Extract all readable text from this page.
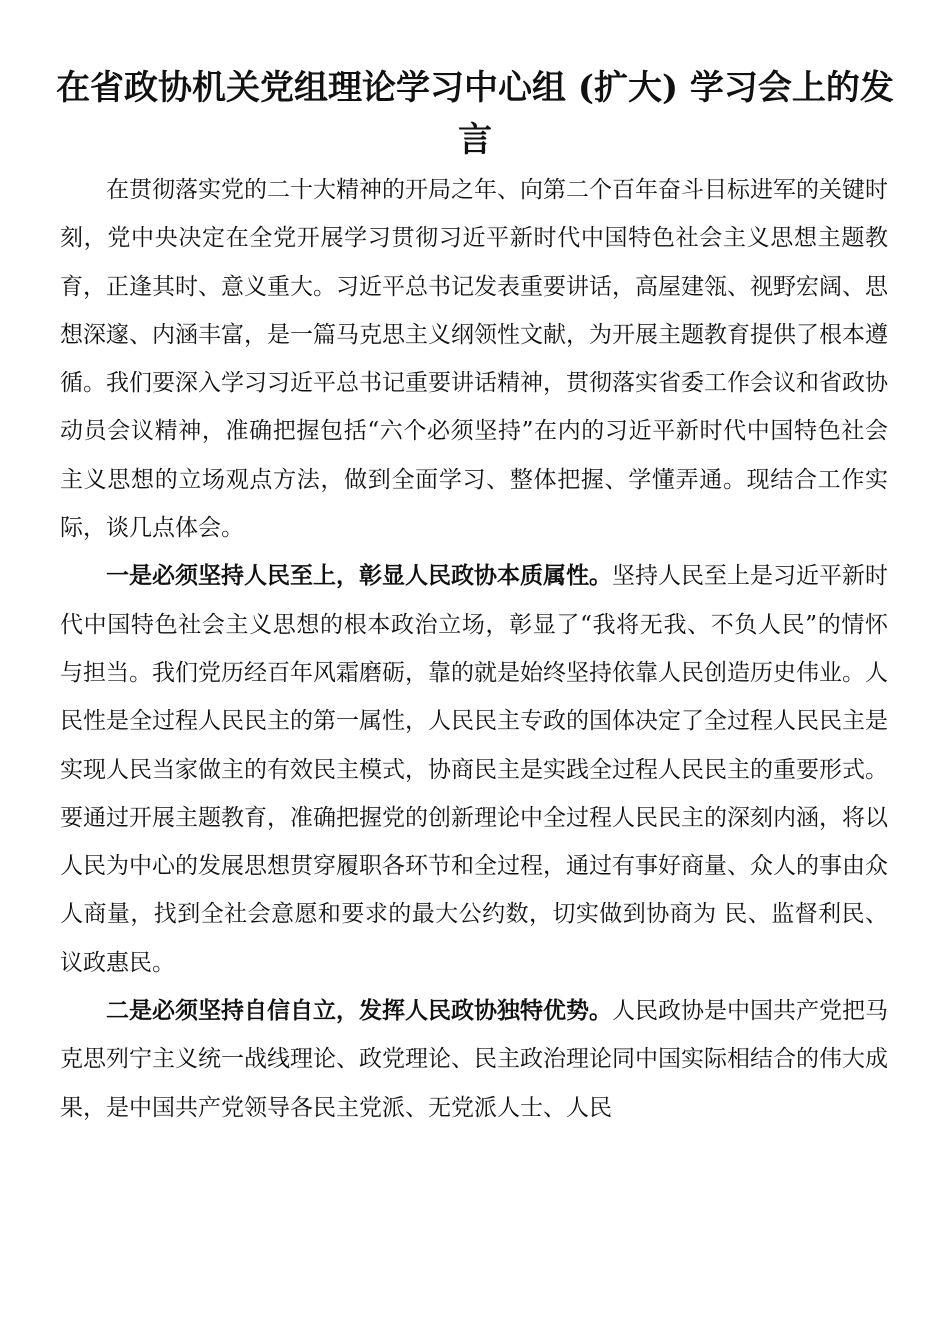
在省政协机关党组理论学习中心组 (扩大) 学习会上的发言

在贯彻落实党的二十大精神的开局之年、向第二个百年奋斗目标进军的关键时刻，党中央决定在全党开展学习贯彻习近平新时代中国特色社会主义思想主题教育，正逢其时、意义重大。习近平总书记发表重要讲话，高屋建瓴、视野宏阔、思想深邃、内涵丰富，是一篇马克思主义纲领性文献，为开展主题教育提供了根本遵循。我们要深入学习习近平总书记重要讲话精神，贯彻落实省委工作会议和省政协动员会议精神，准确把握包括“六个必须坚持”在内的习近平新时代中国特色社会主义思想的立场观点方法，做到全面学习、整体把握、学懂弄通。现结合工作实际，谈几点体会。

一是必须坚持人民至上，彰显人民政协本质属性。坚持人民至上是习近平新时代中国特色社会主义思想的根本政治立场，彰显了“我将无我、不负人民”的情怀与担当。我们党历经百年风霜磨砺，靠的就是始终坚持依靠人民创造历史伟业。人民性是全过程人民民主的第一属性，人民民主专政的国体决定了全过程人民民主是实现人民当家做主的有效民主模式，协商民主是实践全过程人民民主的重要形式。要通过开展主题教育，准确把握党的创新理论中全过程人民民主的深刻内涵，将以人民为中心的发展思想贯穿履职各环节和全过程，通过有事好商量、众人的事由众人商量，找到全社会意愿和要求的最大公约数，切实做到协商为 民、监督利民、议政惠民。

二是必须坚持自信自立，发挥人民政协独特优势。人民政协是中国共产党把马克思列宁主义统一战线理论、政党理论、民主政治理论同中国实际相结合的伟大成果，是中国共产党领导各民主党派、无党派人士、人民
